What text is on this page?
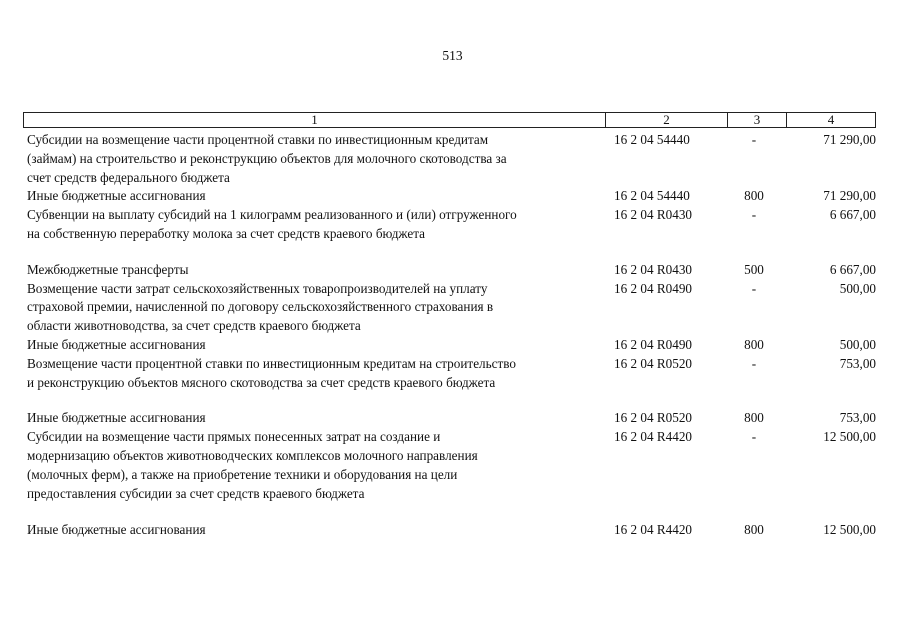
513
1	2	3	4
Субсидии на возмещение части процентной ставки по инвестиционным кредитам
(займам) на строительство и реконструкцию объектов для молочного скотоводства за
счет средств федерального бюджета
16 2 04 54440	-	71 290,00
Иные бюджетные ассигнования	16 2 04 54440	800	71 290,00
Субвенции на выплату субсидий на 1 килограмм реализованного и (или) отгруженного
на собственную переработку молока за счет средств краевого бюджета
16 2 04 R0430	-	6 667,00
Межбюджетные трансферты	16 2 04 R0430	500	6 667,00
Возмещение части затрат сельскохозяйственных товаропроизводителей на уплату
страховой премии, начисленной по договору сельскохозяйственного страхования в
области животноводства, за счет средств краевого бюджета
16 2 04 R0490	-	500,00
Иные бюджетные ассигнования	16 2 04 R0490	800	500,00
Возмещение части процентной ставки по инвестиционным кредитам на строительство
и реконструкцию объектов мясного скотоводства за счет средств краевого бюджета
16 2 04 R0520	-	753,00
Иные бюджетные ассигнования	16 2 04 R0520	800	753,00
Субсидии на возмещение части прямых понесенных затрат на создание и
модернизацию объектов животноводческих комплексов молочного направления
(молочных ферм), а также на приобретение техники и оборудования на цели
предоставления субсидии за счет средств краевого бюджета
16 2 04 R4420	-	12 500,00
Иные бюджетные ассигнования	16 2 04 R4420	800	12 500,00
